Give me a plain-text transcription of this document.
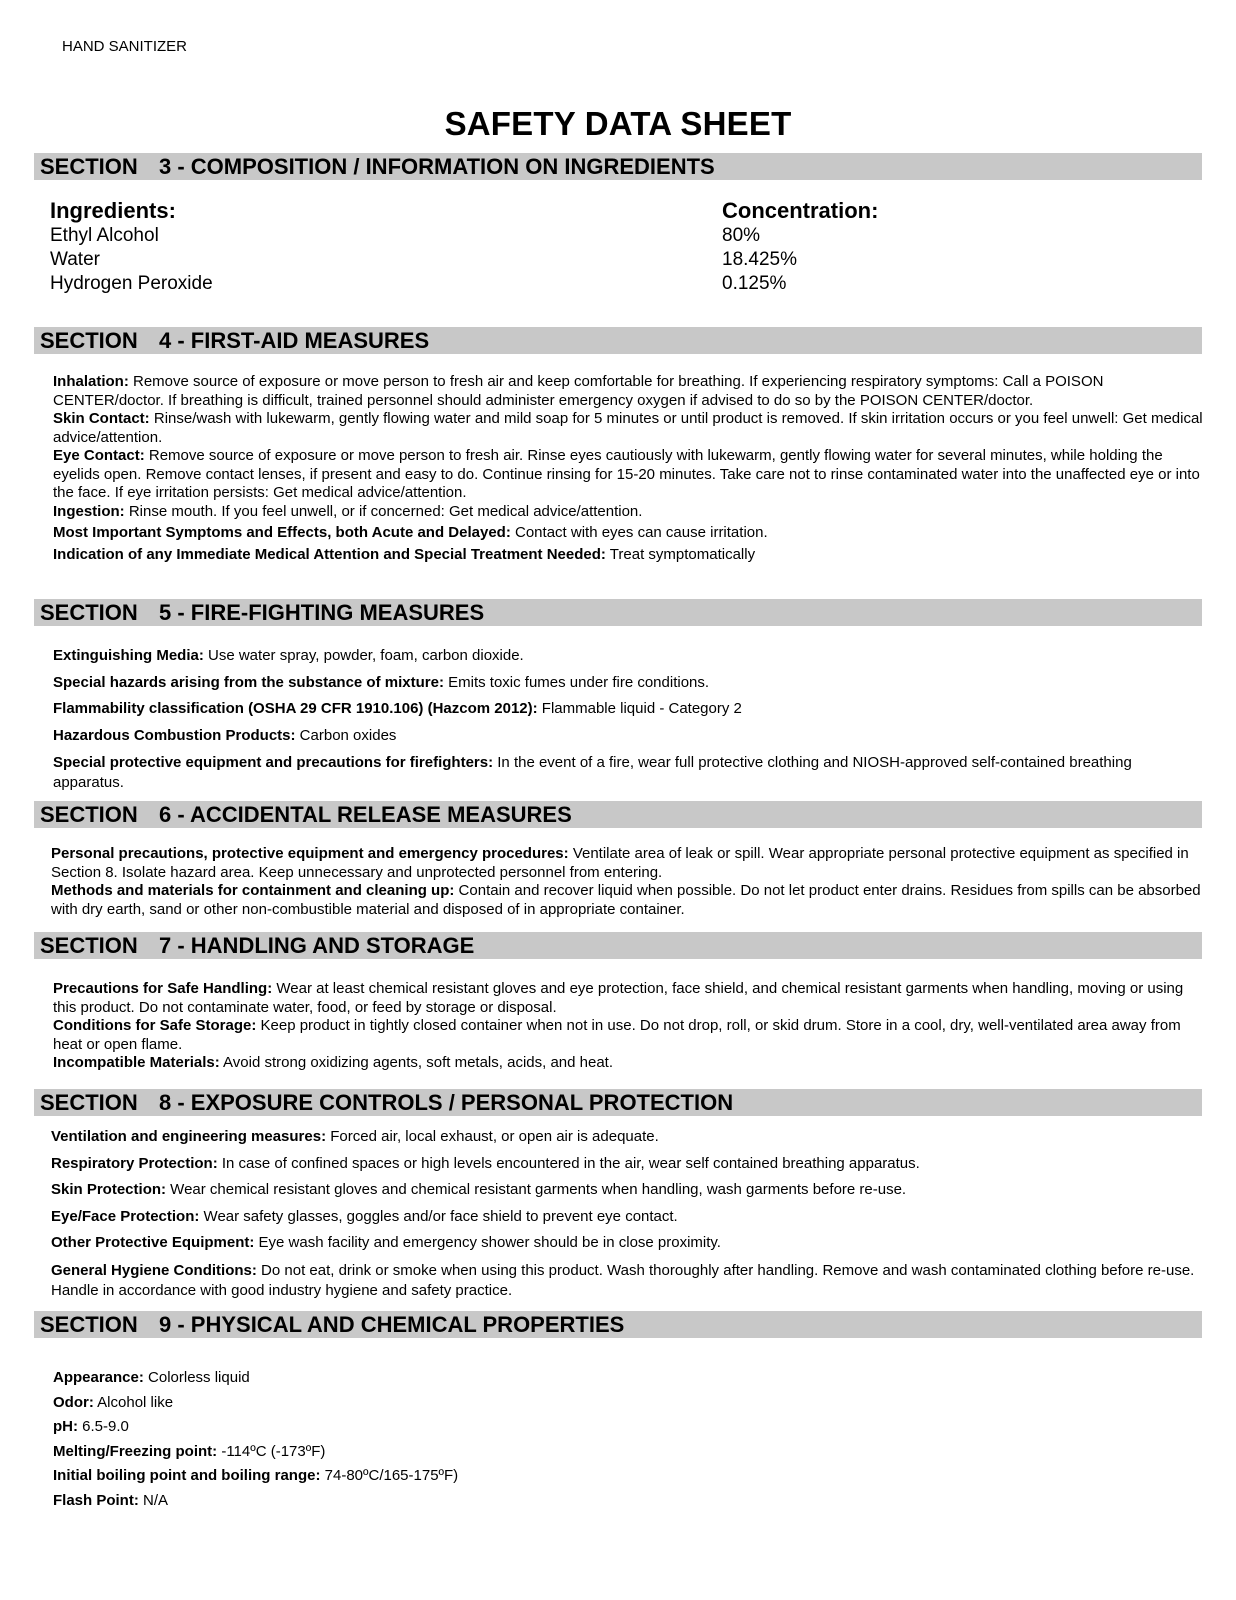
HAND SANITIZER
SAFETY DATA SHEET
SECTION 3 - COMPOSITION / INFORMATION ON INGREDIENTS
Ingredients:	Concentration:
Ethyl Alcohol	80%
Water	18.425%
Hydrogen Peroxide	0.125%
SECTION 4 - FIRST-AID MEASURES

Inhalation: Remove source of exposure or move person to fresh air and keep comfortable for breathing. If experiencing respiratory symptoms: Call a POISON CENTER/doctor. If breathing is difficult, trained personnel should administer emergency oxygen if advised to do so by the POISON CENTER/doctor.

Skin Contact: Rinse/wash with lukewarm, gently flowing water and mild soap for 5 minutes or until product is removed. If skin irritation occurs or you feel unwell: Get medical advice/attention.

Eye Contact: Remove source of exposure or move person to fresh air. Rinse eyes cautiously with lukewarm, gently flowing water for several minutes, while holding the eyelids open. Remove contact lenses, if present and easy to do. Continue rinsing for 15-20 minutes. Take care not to rinse contaminated water into the unaffected eye or into the face. If eye irritation persists: Get medical advice/attention.

Ingestion: Rinse mouth. If you feel unwell, or if concerned: Get medical advice/attention.

Most Important Symptoms and Effects, both Acute and Delayed: Contact with eyes can cause irritation.

Indication of any Immediate Medical Attention and Special Treatment Needed: Treat symptomatically

SECTION 5 - FIRE-FIGHTING MEASURES

Extinguishing Media: Use water spray, powder, foam, carbon dioxide.

Special hazards arising from the substance of mixture: Emits toxic fumes under fire conditions.

Flammability classification (OSHA 29 CFR 1910.106) (Hazcom 2012): Flammable liquid - Category 2

Hazardous Combustion Products: Carbon oxides

Special protective equipment and precautions for firefighters: In the event of a fire, wear full protective clothing and NIOSH-approved self-contained breathing apparatus.

SECTION 6 - ACCIDENTAL RELEASE MEASURES

Personal precautions, protective equipment and emergency procedures: Ventilate area of leak or spill. Wear appropriate personal protective equipment as specified in Section 8. Isolate hazard area. Keep unnecessary and unprotected personnel from entering.

Methods and materials for containment and cleaning up: Contain and recover liquid when possible. Do not let product enter drains. Residues from spills can be absorbed with dry earth, sand or other non-combustible material and disposed of in appropriate container.

SECTION 7 - HANDLING AND STORAGE

Precautions for Safe Handling: Wear at least chemical resistant gloves and eye protection, face shield, and chemical resistant garments when handling, moving or using this product. Do not contaminate water, food, or feed by storage or disposal.

Conditions for Safe Storage: Keep product in tightly closed container when not in use. Do not drop, roll, or skid drum. Store in a cool, dry, well-ventilated area away from heat or open flame.

Incompatible Materials: Avoid strong oxidizing agents, soft metals, acids, and heat.

SECTION 8 - EXPOSURE CONTROLS / PERSONAL PROTECTION

Ventilation and engineering measures: Forced air, local exhaust, or open air is adequate.

Respiratory Protection: In case of confined spaces or high levels encountered in the air, wear self contained breathing apparatus.

Skin Protection: Wear chemical resistant gloves and chemical resistant garments when handling, wash garments before re-use.

Eye/Face Protection: Wear safety glasses, goggles and/or face shield to prevent eye contact.

Other Protective Equipment: Eye wash facility and emergency shower should be in close proximity.

General Hygiene Conditions: Do not eat, drink or smoke when using this product. Wash thoroughly after handling. Remove and wash contaminated clothing before re-use. Handle in accordance with good industry hygiene and safety practice.

SECTION 9 - PHYSICAL AND CHEMICAL PROPERTIES

Appearance: Colorless liquid

Odor: Alcohol like

pH: 6.5-9.0

Melting/Freezing point: -114ºC (-173ºF)

Initial boiling point and boiling range: 74-80ºC/165-175ºF)

Flash Point: N/A
